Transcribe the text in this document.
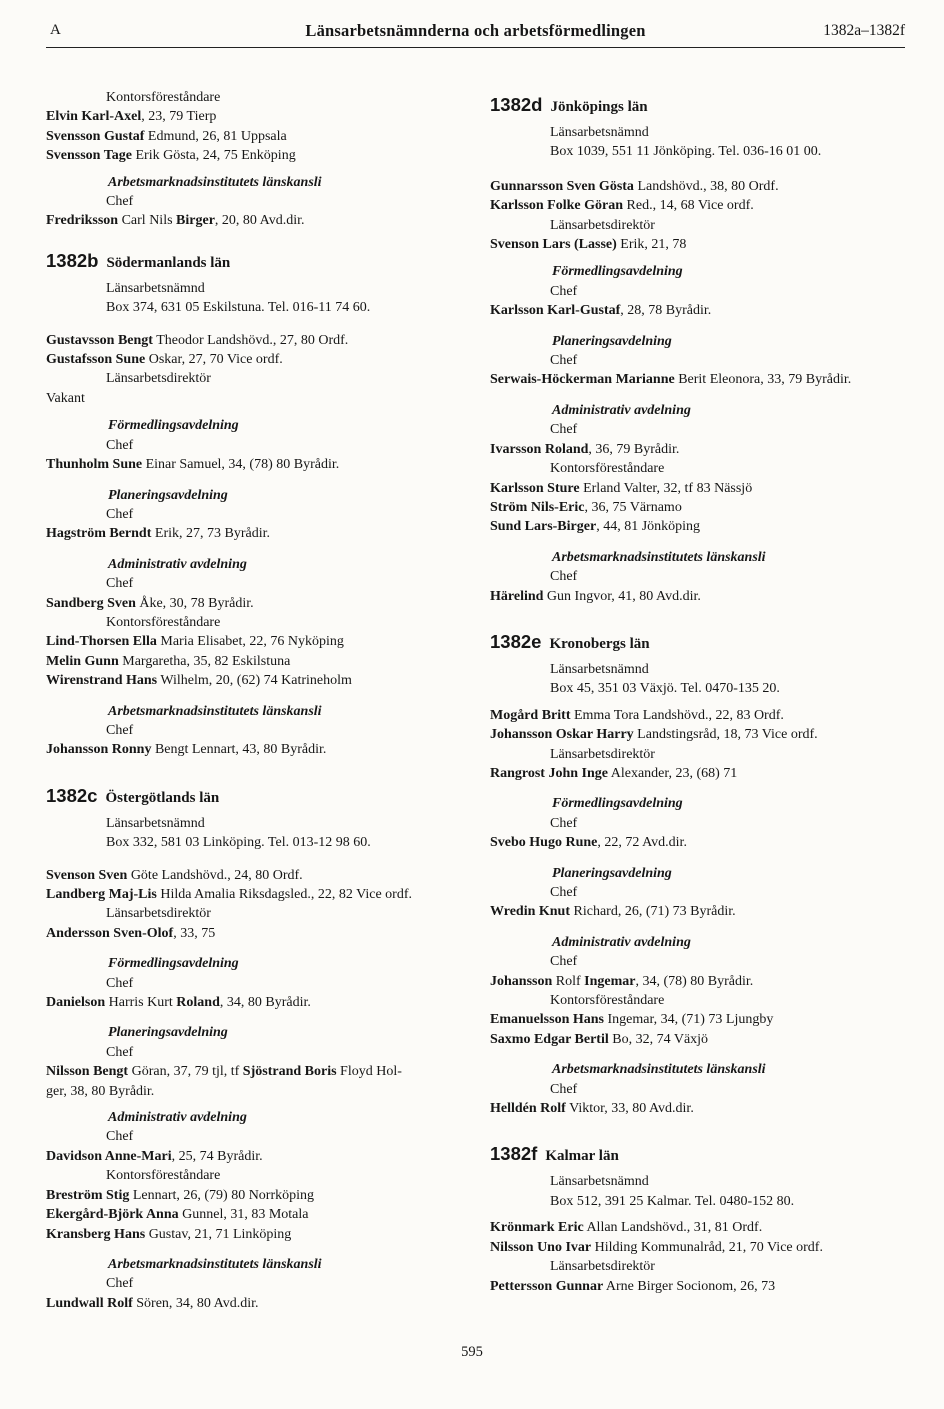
A	Länsarbetsnämnderna och arbetsförmedlingen	1382a–1382f
Kontorsföreståndare
Elvin Karl-Axel, 23, 79 Tierp
Svensson Gustaf Edmund, 26, 81 Uppsala
Svensson Tage Erik Gösta, 24, 75 Enköping
Arbetsmarknadsinstitutets länskansli
Chef
Fredriksson Carl Nils Birger, 20, 80 Avd.dir.
1382b Södermanlands län
Länsarbetsnämnd
Box 374, 631 05 Eskilstuna. Tel. 016-11 74 60.
Gustavsson Bengt Theodor Landshövd., 27, 80 Ordf.
Gustafsson Sune Oskar, 27, 70 Vice ordf.
Länsarbetsdirektör
Vakant
Förmedlingsavdelning
Chef
Thunholm Sune Einar Samuel, 34, (78) 80 Byrådir.
Planeringsavdelning
Chef
Hagström Berndt Erik, 27, 73 Byrådir.
Administrativ avdelning
Chef
Sandberg Sven Åke, 30, 78 Byrådir.
Kontorsföreståndare
Lind-Thorsen Ella Maria Elisabet, 22, 76 Nyköping
Melin Gunn Margaretha, 35, 82 Eskilstuna
Wirenstrand Hans Wilhelm, 20, (62) 74 Katrineholm
Arbetsmarknadsinstitutets länskansli
Chef
Johansson Ronny Bengt Lennart, 43, 80 Byrådir.
1382c Östergötlands län
Länsarbetsnämnd
Box 332, 581 03 Linköping. Tel. 013-12 98 60.
Svenson Sven Göte Landshövd., 24, 80 Ordf.
Landberg Maj-Lis Hilda Amalia Riksdagsled., 22, 82 Vice ordf.
Länsarbetsdirektör
Andersson Sven-Olof, 33, 75
Förmedlingsavdelning
Chef
Danielson Harris Kurt Roland, 34, 80 Byrådir.
Planeringsavdelning
Chef
Nilsson Bengt Göran, 37, 79 tjl, tf Sjöstrand Boris Floyd Hol-
ger, 38, 80 Byrådir.
Administrativ avdelning
Chef
Davidson Anne-Mari, 25, 74 Byrådir.
Kontorsföreståndare
Breström Stig Lennart, 26, (79) 80 Norrköping
Ekergård-Björk Anna Gunnel, 31, 83 Motala
Kransberg Hans Gustav, 21, 71 Linköping
Arbetsmarknadsinstitutets länskansli
Chef
Lundwall Rolf Sören, 34, 80 Avd.dir.
1382d Jönköpings län
Länsarbetsnämnd
Box 1039, 551 11 Jönköping. Tel. 036-16 01 00.
Gunnarsson Sven Gösta Landshövd., 38, 80 Ordf.
Karlsson Folke Göran Red., 14, 68 Vice ordf.
Länsarbetsdirektör
Svenson Lars (Lasse) Erik, 21, 78
Förmedlingsavdelning
Chef
Karlsson Karl-Gustaf, 28, 78 Byrådir.
Planeringsavdelning
Chef
Serwais-Höckerman Marianne Berit Eleonora, 33, 79 Byrådir.
Administrativ avdelning
Chef
Ivarsson Roland, 36, 79 Byrådir.
Kontorsföreståndare
Karlsson Sture Erland Valter, 32, tf 83 Nässjö
Ström Nils-Eric, 36, 75 Värnamo
Sund Lars-Birger, 44, 81 Jönköping
Arbetsmarknadsinstitutets länskansli
Chef
Härelind Gun Ingvor, 41, 80 Avd.dir.
1382e Kronobergs län
Länsarbetsnämnd
Box 45, 351 03 Växjö. Tel. 0470-135 20.
Mogård Britt Emma Tora Landshövd., 22, 83 Ordf.
Johansson Oskar Harry Landstingsråd, 18, 73 Vice ordf.
Länsarbetsdirektör
Rangrost John Inge Alexander, 23, (68) 71
Förmedlingsavdelning
Chef
Svebo Hugo Rune, 22, 72 Avd.dir.
Planeringsavdelning
Chef
Wredin Knut Richard, 26, (71) 73 Byrådir.
Administrativ avdelning
Chef
Johansson Rolf Ingemar, 34, (78) 80 Byrådir.
Kontorsföreståndare
Emanuelsson Hans Ingemar, 34, (71) 73 Ljungby
Saxmo Edgar Bertil Bo, 32, 74 Växjö
Arbetsmarknadsinstitutets länskansli
Chef
Helldén Rolf Viktor, 33, 80 Avd.dir.
1382f Kalmar län
Länsarbetsnämnd
Box 512, 391 25 Kalmar. Tel. 0480-152 80.
Krönmark Eric Allan Landshövd., 31, 81 Ordf.
Nilsson Uno Ivar Hilding Kommunalråd, 21, 70 Vice ordf.
Länsarbetsdirektör
Pettersson Gunnar Arne Birger Socionom, 26, 73
595
